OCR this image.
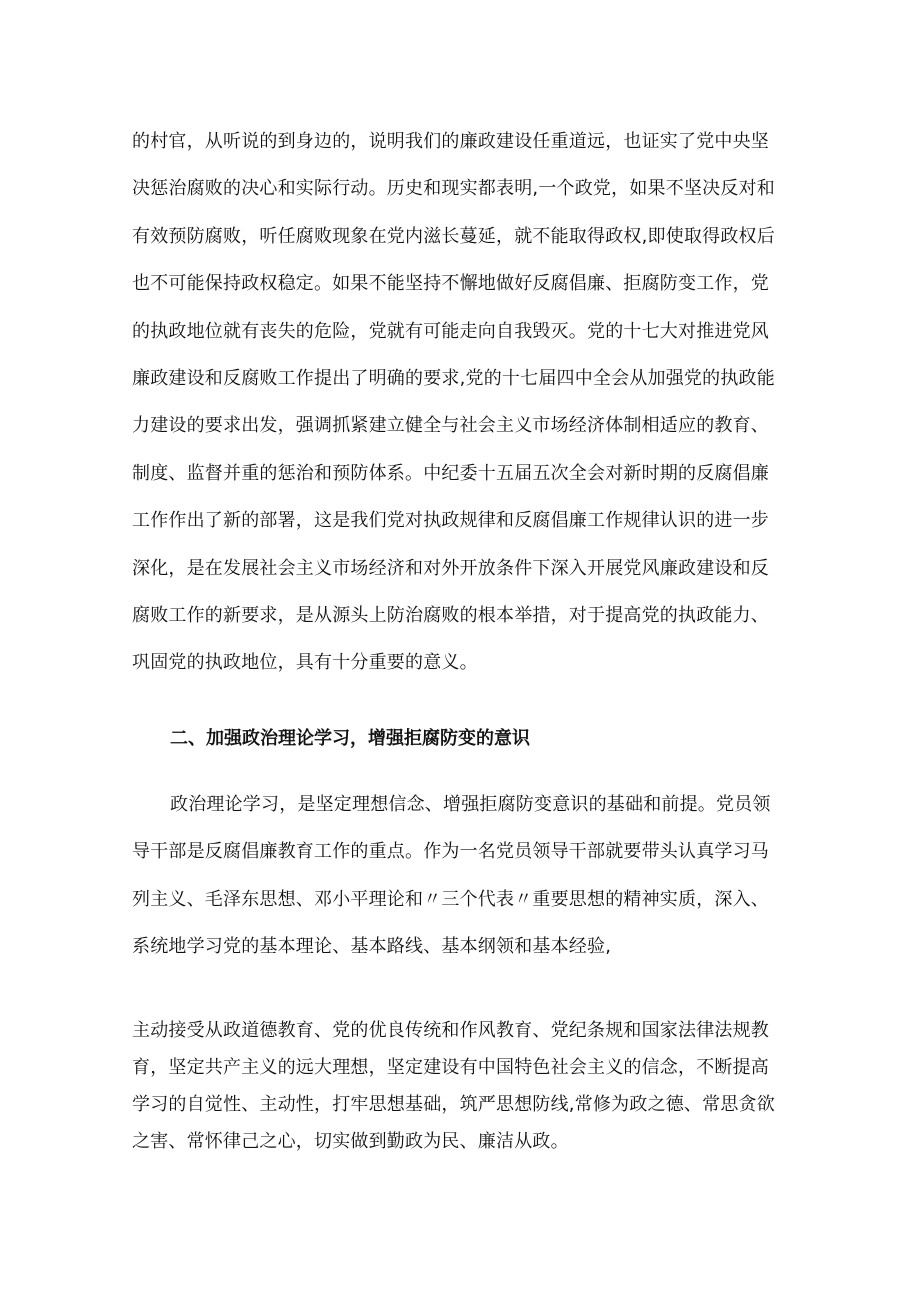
的村官，从听说的到身边的，说明我们的廉政建设任重道远，也证实了党中央坚
决惩治腐败的决心和实际行动。历史和现实都表明,一个政党，如果不坚决反对和
有效预防腐败，听任腐败现象在党内滋长蔓延，就不能取得政权,即使取得政权后
也不可能保持政权稳定。如果不能坚持不懈地做好反腐倡廉、拒腐防变工作，党
的执政地位就有丧失的危险，党就有可能走向自我毁灭。党的十七大对推进党风
廉政建设和反腐败工作提出了明确的要求,党的十七届四中全会从加强党的执政能
力建设的要求出发，强调抓紧建立健全与社会主义市场经济体制相适应的教育、
制度、监督并重的惩治和预防体系。中纪委十五届五次全会对新时期的反腐倡廉
工作作出了新的部署，这是我们党对执政规律和反腐倡廉工作规律认识的进一步
深化，是在发展社会主义市场经济和对外开放条件下深入开展党风廉政建设和反
腐败工作的新要求，是从源头上防治腐败的根本举措，对于提高党的执政能力、
巩固党的执政地位，具有十分重要的意义。
二、加强政治理论学习，增强拒腐防变的意识
政治理论学习，是坚定理想信念、增强拒腐防变意识的基础和前提。党员领
导干部是反腐倡廉教育工作的重点。作为一名党员领导干部就要带头认真学习马
列主义、毛泽东思想、邓小平理论和〃三个代表〃重要思想的精神实质，深入、
系统地学习党的基本理论、基本路线、基本纲领和基本经验,
主动接受从政道德教育、党的优良传统和作风教育、党纪条规和国家法律法规教
育，坚定共产主义的远大理想，坚定建设有中国特色社会主义的信念，不断提高
学习的自觉性、主动性，打牢思想基础，筑严思想防线,常修为政之德、常思贪欲
之害、常怀律己之心，切实做到勤政为民、廉洁从政。
